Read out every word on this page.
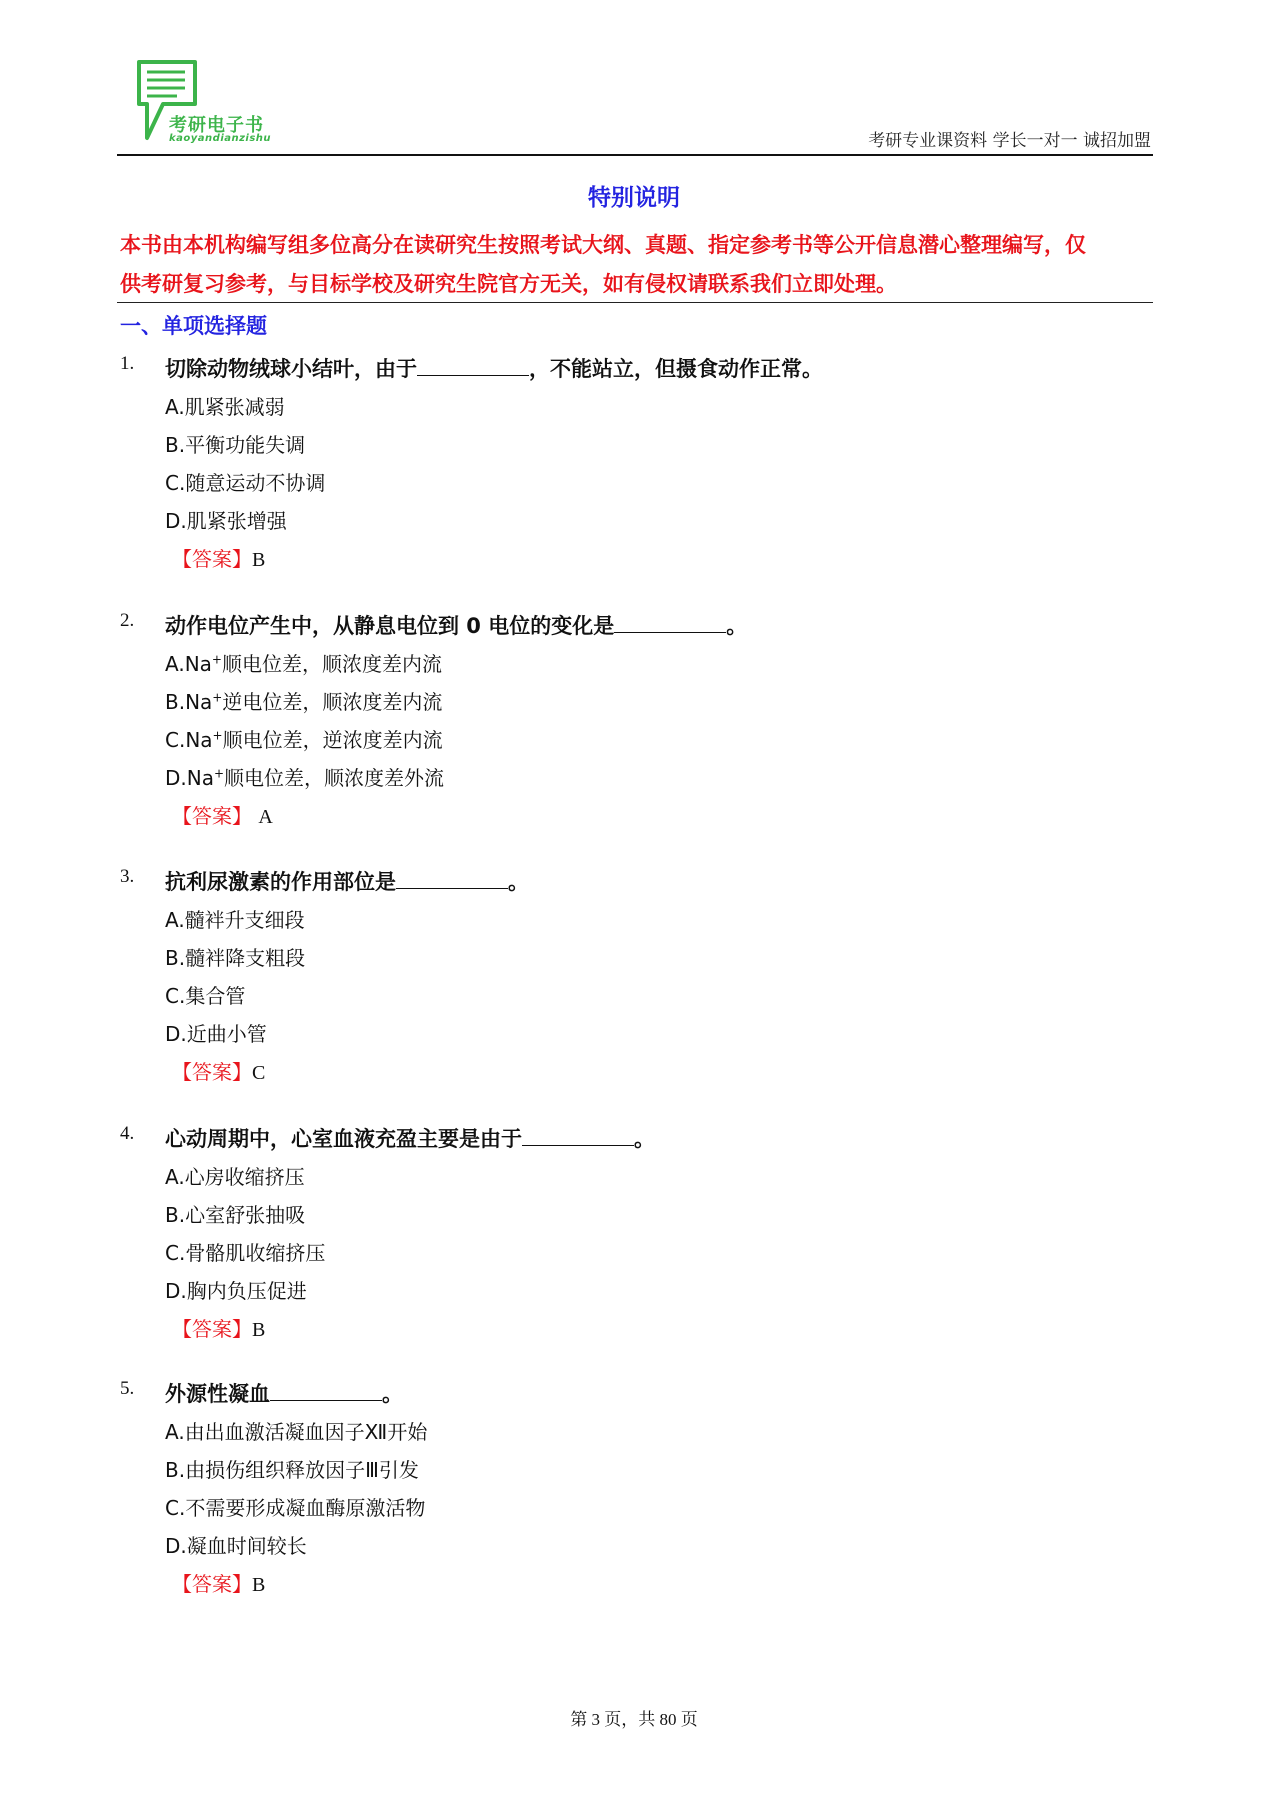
考研电子书
kaoyandianzishu	考研专业课资料 学长一对一 诚招加盟
特别说明
本书由本机构编写组多位高分在读研究生按照考试大纲、真题、指定参考书等公开信息潜心整理编写，仅
供考研复习参考，与目标学校及研究生院官方无关，如有侵权请联系我们立即处理。
一、单项选择题
1. 切除动物绒球小结叶，由于	，不能站立，但摄食动作正常。
A.肌紧张减弱
B.平衡功能失调
C.随意运动不协调
D.肌紧张增强
【答案】B
2. 动作电位产生中，从静息电位到 0 电位的变化是	。
A.Na+顺电位差，顺浓度差内流
B.Na+逆电位差，顺浓度差内流
C.Na+顺电位差，逆浓度差内流
D.Na+顺电位差，顺浓度差外流
【答案】 A
3. 抗利尿激素的作用部位是	。
A.髓袢升支细段
B.髓袢降支粗段
C.集合管
D.近曲小管
【答案】C
4. 心动周期中，心室血液充盈主要是由于	。
A.心房收缩挤压
B.心室舒张抽吸
C.骨骼肌收缩挤压
D.胸内负压促进
【答案】B
5. 外源性凝血	。
A.由出血激活凝血因子Ⅻ开始
B.由损伤组织释放因子Ⅲ引发
C.不需要形成凝血酶原激活物
D.凝血时间较长
【答案】B
第 3 页，共 80 页
